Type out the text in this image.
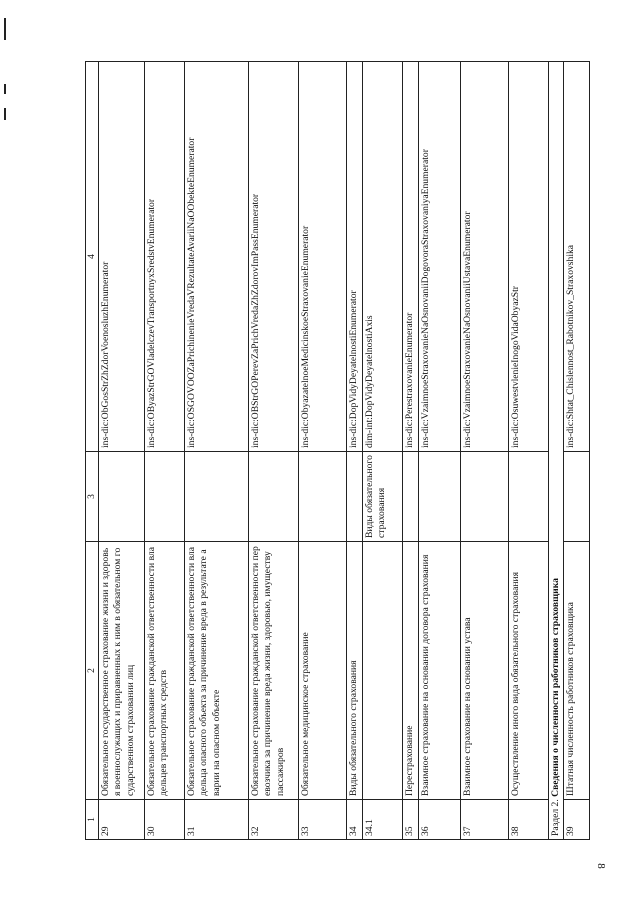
8
1	2	3	4
29	Обязательное государственное страхование жизни и здоровья военнослужащих и приравненных к ним в обязательном государственном страховании лиц		ins-dic:ObGosStrZhZdorVoenosluzhEnumerator
30	Обязательное страхование гражданской ответственности владельцев транспортных средств		ins-dic:OByazStrGOVladelczevTransportnyxSredstvEnumerator
31	Обязательное страхование гражданской ответственности владельца опасного объекта за причинение вреда в результате аварии на опасном объекте		ins-dic:OSGOVOOZaPrichinenieVredaVRezultateAvariiNaOObekteEnumerator
32	Обязательное страхование гражданской ответственности перевозчика за причинение вреда жизни, здоровью, имуществу пассажиров		ins-dic:OBStrGOPerevZaPrichVredaZhZdorovImPassEnumerator
33	Обязательное медицинское страхование		ins-dic:ObyazatelnoeMedicinskoeStraxovanieEnumerator
34	Виды обязательного страхования		ins-dic:DopVidyDeyatelnostiEnumerator
34.1		Виды обязательного страхования	dim-int:DopVidyDeyatelnostiAxis
35	Перестрахование		ins-dic:PerestraxovanieEnumerator
36	Взаимное страхование на основании договора страхования		ins-dic:VzaimnoeStraxovanieNaOsnovaniiDogovoraStraxovaniyaEnumerator
37	Взаимное страхование на основании устава		ins-dic:VzaimnoeStraxovanieNaOsnovaniiUstavaEnumerator
38	Осуществление иного вида обязательного страхования		ins-dic:OsuwestvlenieInogoVidaObyazStr
Раздел 2. Сведения о численности работников страховщика			
39	Штатная численность работников страховщика		ins-dic:Shtat_Chislennost_Rabotnikov_Straxovshika
